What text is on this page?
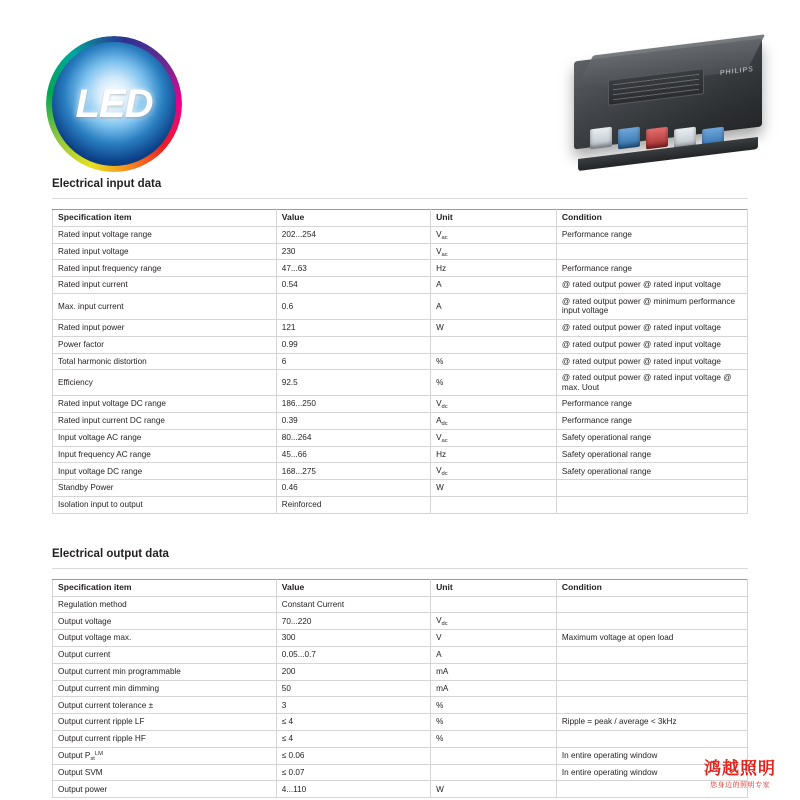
LED
PHILIPS
Electrical input data
Specification item	Value	Unit	Condition
Rated input voltage range	202...254	$V_{ac}$	Performance range
Rated input voltage	230	$V_{ac}$	
Rated input frequency range	47...63	Hz	Performance range
Rated input current	0.54	A	@ rated output power @ rated input voltage
Max. input current	0.6	A	@ rated output power @ minimum performance input voltage
Rated input power	121	W	@ rated output power @ rated input voltage
Power factor	0.99		@ rated output power @ rated input voltage
Total harmonic distortion	6	%	@ rated output power @ rated input voltage
Efficiency	92.5	%	@ rated output power @ rated input voltage @ max. Uout
Rated input voltage DC range	186...250	$V_{dc}$	Performance range
Rated input current DC range	0.39	$A_{dc}$	Performance range
Input voltage AC range	80...264	$V_{ac}$	Safety operational range
Input frequency AC range	45...66	Hz	Safety operational range
Input voltage DC range	168...275	$V_{dc}$	Safety operational range
Standby Power	0.46	W	
Isolation input to output	Reinforced		
Electrical output data
Specification item	Value	Unit	Condition
Regulation method	Constant Current		
Output voltage	70...220	$V_{dc}$	
Output voltage max.	300	V	Maximum voltage at open load
Output current	0.05...0.7	A	
Output current min programmable	200	mA	
Output current min dimming	50	mA	
Output current tolerance ±	3	%	
Output current ripple LF	≤ 4	%	Ripple = peak / average < 3kHz
Output current ripple HF	≤ 4	%	
Output $P_{st}^{LM}$	≤ 0.06		In entire operating window
Output SVM	≤ 0.07		In entire operating window
Output power	4...110	W	
鸿越照明
您身边的照明专家
